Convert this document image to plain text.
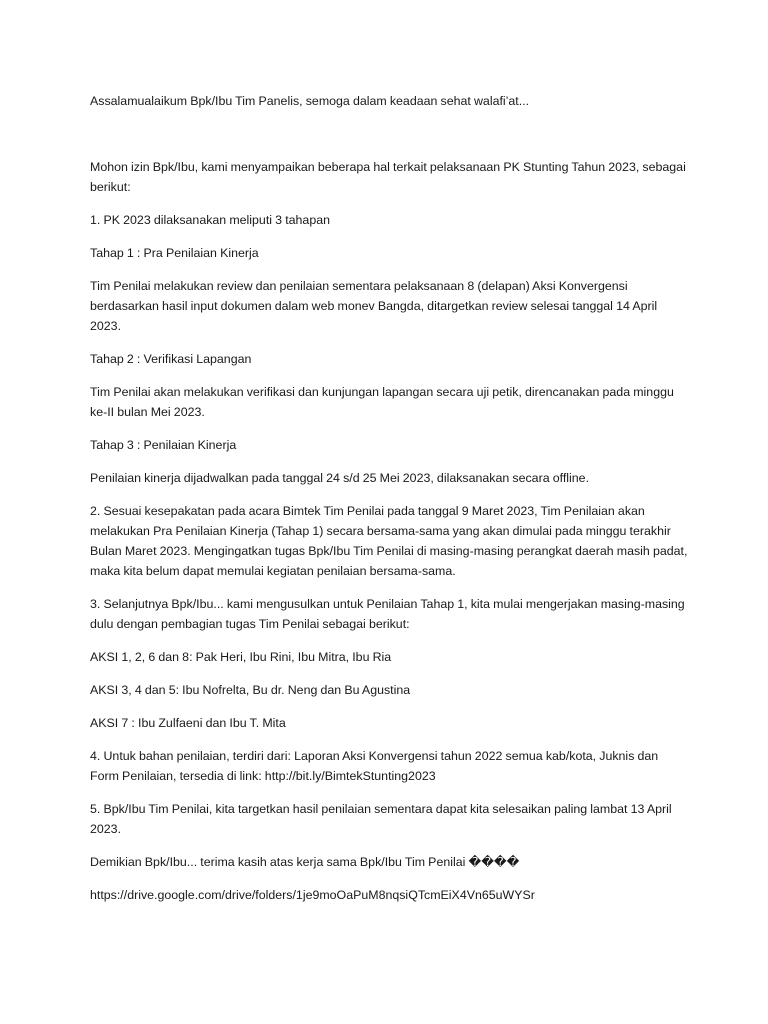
Assalamualaikum Bpk/Ibu Tim Panelis, semoga dalam keadaan sehat walafi’at...

Mohon izin Bpk/Ibu, kami menyampaikan beberapa hal terkait pelaksanaan PK Stunting Tahun 2023, sebagai berikut:

1. PK 2023 dilaksanakan meliputi 3 tahapan

Tahap 1 : Pra Penilaian Kinerja

Tim Penilai melakukan review dan penilaian sementara pelaksanaan 8 (delapan) Aksi Konvergensi berdasarkan hasil input dokumen dalam web monev Bangda, ditargetkan review selesai tanggal 14 April 2023.

Tahap 2 : Verifikasi Lapangan

Tim Penilai akan melakukan verifikasi dan kunjungan lapangan secara uji petik, direncanakan pada minggu ke-II bulan Mei 2023.

Tahap 3 : Penilaian Kinerja

Penilaian kinerja dijadwalkan pada tanggal 24 s/d 25 Mei 2023, dilaksanakan secara offline.

2. Sesuai kesepakatan pada acara Bimtek Tim Penilai pada tanggal 9 Maret 2023, Tim Penilaian akan melakukan Pra Penilaian Kinerja (Tahap 1) secara bersama-sama yang akan dimulai pada minggu terakhir Bulan Maret 2023. Mengingatkan tugas Bpk/Ibu Tim Penilai di masing-masing perangkat daerah masih padat, maka kita belum dapat memulai kegiatan penilaian bersama-sama.

3. Selanjutnya Bpk/Ibu... kami mengusulkan untuk Penilaian Tahap 1, kita mulai mengerjakan masing-masing dulu dengan pembagian tugas Tim Penilai sebagai berikut:

AKSI 1, 2, 6 dan 8: Pak Heri, Ibu Rini, Ibu Mitra, Ibu Ria

AKSI 3, 4 dan 5: Ibu Nofrelta, Bu dr. Neng dan Bu Agustina

AKSI 7 : Ibu Zulfaeni dan Ibu T. Mita

4. Untuk bahan penilaian, terdiri dari: Laporan Aksi Konvergensi tahun 2022 semua kab/kota, Juknis dan Form Penilaian, tersedia di link: http://bit.ly/BimtekStunting2023

5. Bpk/Ibu Tim Penilai, kita targetkan hasil penilaian sementara dapat kita selesaikan paling lambat 13 April 2023.

Demikian Bpk/Ibu... terima kasih atas kerja sama Bpk/Ibu Tim Penilai ����

https://drive.google.com/drive/folders/1je9moOaPuM8nqsiQTcmEiX4Vn65uWYSr
